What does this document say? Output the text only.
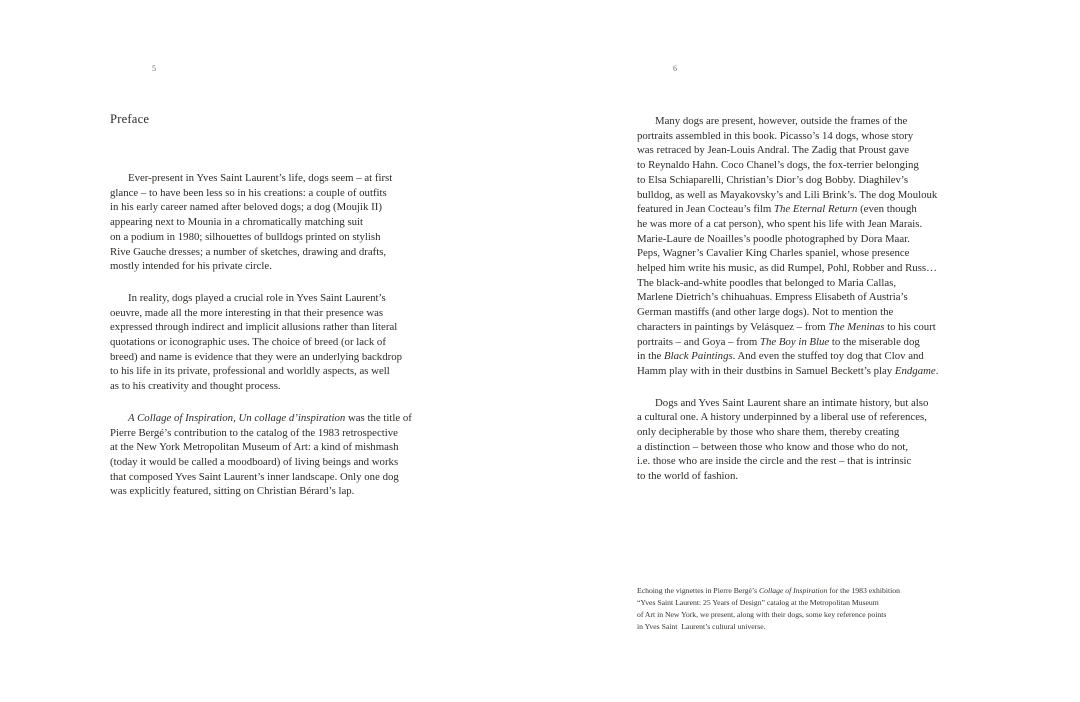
5
Preface
Ever-present in Yves Saint Laurent’s life, dogs seem – at first
glance – to have been less so in his creations: a couple of outfits
in his early career named after beloved dogs; a dog (Moujik II)
appearing next to Mounia in a chromatically matching suit
on a podium in 1980; silhouettes of bulldogs printed on stylish
Rive Gauche dresses; a number of sketches, drawing and drafts,
mostly intended for his private circle.
In reality, dogs played a crucial role in Yves Saint Laurent’s
oeuvre, made all the more interesting in that their presence was
expressed through indirect and implicit allusions rather than literal
quotations or iconographic uses. The choice of breed (or lack of
breed) and name is evidence that they were an underlying backdrop
to his life in its private, professional and worldly aspects, as well
as to his creativity and thought process.
A Collage of Inspiration, Un collage d’inspiration was the title of
Pierre Bergé’s contribution to the catalog of the 1983 retrospective
at the New York Metropolitan Museum of Art: a kind of mishmash
(today it would be called a moodboard) of living beings and works
that composed Yves Saint Laurent’s inner landscape. Only one dog
was explicitly featured, sitting on Christian Bérard’s lap.
6
Many dogs are present, however, outside the frames of the
portraits assembled in this book. Picasso’s 14 dogs, whose story
was retraced by Jean-Louis Andral. The Zadig that Proust gave
to Reynaldo Hahn. Coco Chanel’s dogs, the fox-terrier belonging
to Elsa Schiaparelli, Christian’s Dior’s dog Bobby. Diaghilev’s
bulldog, as well as Mayakovsky’s and Lili Brink’s. The dog Moulouk
featured in Jean Cocteau’s film The Eternal Return (even though
he was more of a cat person), who spent his life with Jean Marais.
Marie-Laure de Noailles’s poodle photographed by Dora Maar.
Peps, Wagner’s Cavalier King Charles spaniel, whose presence
helped him write his music, as did Rumpel, Pohl, Robber and Russ…
The black-and-white poodles that belonged to Maria Callas,
Marlene Dietrich’s chihuahuas. Empress Elisabeth of Austria’s
German mastiffs (and other large dogs). Not to mention the
characters in paintings by Velásquez – from The Meninas to his court
portraits – and Goya – from The Boy in Blue to the miserable dog
in the Black Paintings. And even the stuffed toy dog that Clov and
Hamm play with in their dustbins in Samuel Beckett’s play Endgame.
Dogs and Yves Saint Laurent share an intimate history, but also
a cultural one. A history underpinned by a liberal use of references,
only decipherable by those who share them, thereby creating
a distinction – between those who know and those who do not,
i.e. those who are inside the circle and the rest – that is intrinsic
to the world of fashion.
Echoing the vignettes in Pierre Bergé’s Collage of Inspiration for the 1983 exhibition
“Yves Saint Laurent: 25 Years of Design” catalog at the Metropolitan Museum
of Art in New York, we present, along with their dogs, some key reference points
in Yves Saint  Laurent’s cultural universe.
